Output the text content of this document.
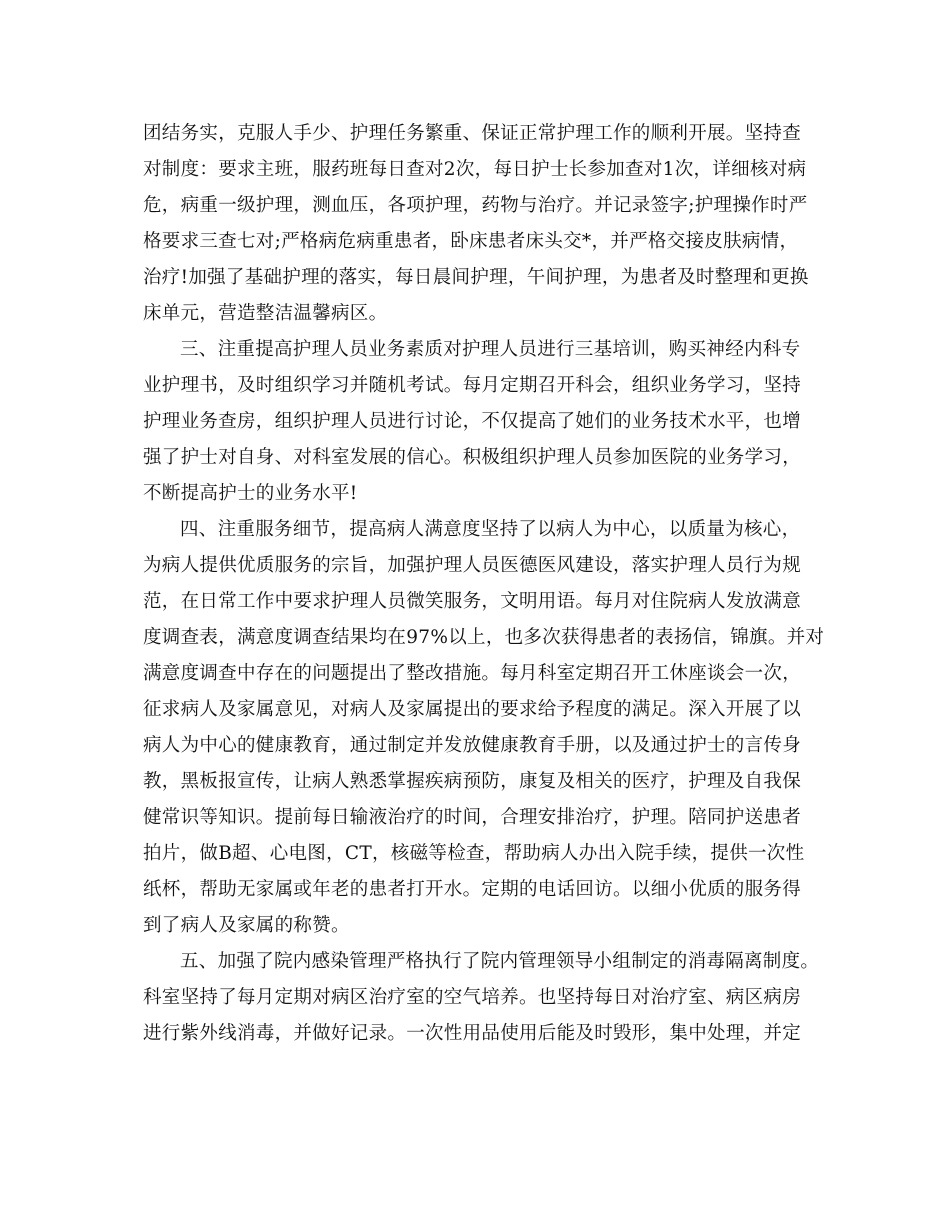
团结务实，克服人手少、护理任务繁重、保证正常护理工作的顺利开展。坚持查
对制度：要求主班，服药班每日查对2次，每日护士长参加查对1次，详细核对病
危，病重一级护理，测血压，各项护理，药物与治疗。并记录签字;护理操作时严
格要求三查七对;严格病危病重患者，卧床患者床头交*，并严格交接皮肤病情，
治疗!加强了基础护理的落实，每日晨间护理，午间护理，为患者及时整理和更换
床单元，营造整洁温馨病区。
三、注重提高护理人员业务素质对护理人员进行三基培训，购买神经内科专
业护理书，及时组织学习并随机考试。每月定期召开科会，组织业务学习，坚持
护理业务查房，组织护理人员进行讨论，不仅提高了她们的业务技术水平，也增
强了护士对自身、对科室发展的信心。积极组织护理人员参加医院的业务学习，
不断提高护士的业务水平!
四、注重服务细节，提高病人满意度坚持了以病人为中心，以质量为核心，
为病人提供优质服务的宗旨，加强护理人员医德医风建设，落实护理人员行为规
范，在日常工作中要求护理人员微笑服务，文明用语。每月对住院病人发放满意
度调查表，满意度调查结果均在97%以上，也多次获得患者的表扬信，锦旗。并对
满意度调查中存在的问题提出了整改措施。每月科室定期召开工休座谈会一次，
征求病人及家属意见，对病人及家属提出的要求给予程度的满足。深入开展了以
病人为中心的健康教育，通过制定并发放健康教育手册，以及通过护士的言传身
教，黑板报宣传，让病人熟悉掌握疾病预防，康复及相关的医疗，护理及自我保
健常识等知识。提前每日输液治疗的时间，合理安排治疗，护理。陪同护送患者
拍片，做B超、心电图，CT，核磁等检查，帮助病人办出入院手续，提供一次性
纸杯，帮助无家属或年老的患者打开水。定期的电话回访。以细小优质的服务得
到了病人及家属的称赞。
五、加强了院内感染管理严格执行了院内管理领导小组制定的消毒隔离制度。
科室坚持了每月定期对病区治疗室的空气培养。也坚持每日对治疗室、病区病房
进行紫外线消毒，并做好记录。一次性用品使用后能及时毁形，集中处理，并定
